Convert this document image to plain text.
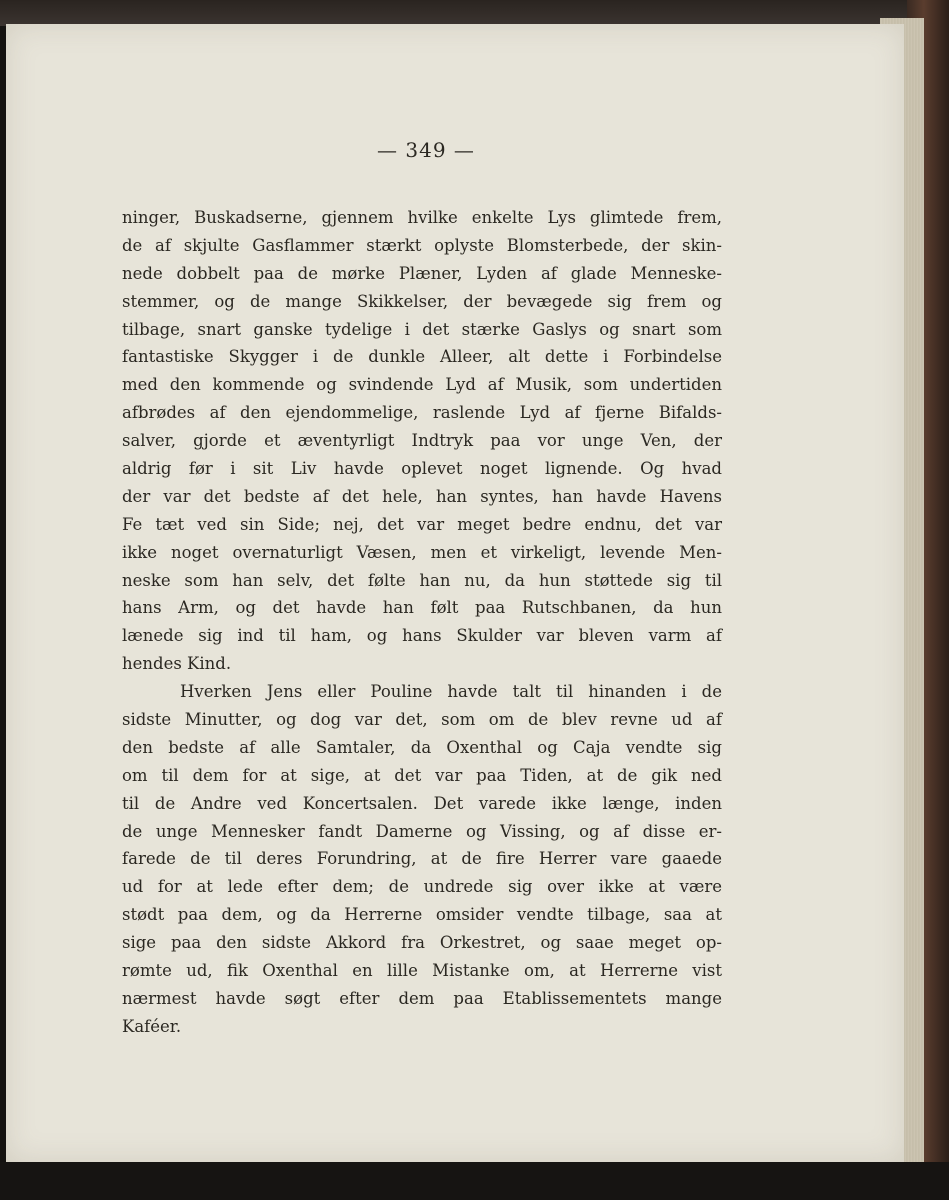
— 349 —
ninger, Buskadserne, gjennem hvilke enkelte Lys glimtede frem,
de af skjulte Gasflammer stærkt oplyste Blomsterbede, der skin-
nede dobbelt paa de mørke Plæner, Lyden af glade Menneske-
stemmer, og de mange Skikkelser, der bevægede sig frem og
tilbage, snart ganske tydelige i det stærke Gaslys og snart som
fantastiske Skygger i de dunkle Alleer, alt dette i Forbindelse
med den kommende og svindende Lyd af Musik, som undertiden
afbrødes af den ejendommelige, raslende Lyd af fjerne Bifalds-
salver, gjorde et æventyrligt Indtryk paa vor unge Ven, der
aldrig før i sit Liv havde oplevet noget lignende. Og hvad
der var det bedste af det hele, han syntes, han havde Havens
Fe tæt ved sin Side; nej, det var meget bedre endnu, det var
ikke noget overnaturligt Væsen, men et virkeligt, levende Men-
neske som han selv, det følte han nu, da hun støttede sig til
hans Arm, og det havde han følt paa Rutschbanen, da hun
lænede sig ind til ham, og hans Skulder var bleven varm af
hendes Kind.
Hverken Jens eller Pouline havde talt til hinanden i de
sidste Minutter, og dog var det, som om de blev revne ud af
den bedste af alle Samtaler, da Oxenthal og Caja vendte sig
om til dem for at sige, at det var paa Tiden, at de gik ned
til de Andre ved Koncertsalen. Det varede ikke længe, inden
de unge Mennesker fandt Damerne og Vissing, og af disse er-
farede de til deres Forundring, at de fire Herrer vare gaaede
ud for at lede efter dem; de undrede sig over ikke at være
stødt paa dem, og da Herrerne omsider vendte tilbage, saa at
sige paa den sidste Akkord fra Orkestret, og saae meget op-
rømte ud, fik Oxenthal en lille Mistanke om, at Herrerne vist
nærmest havde søgt efter dem paa Etablissementets mange
Kaféer.
